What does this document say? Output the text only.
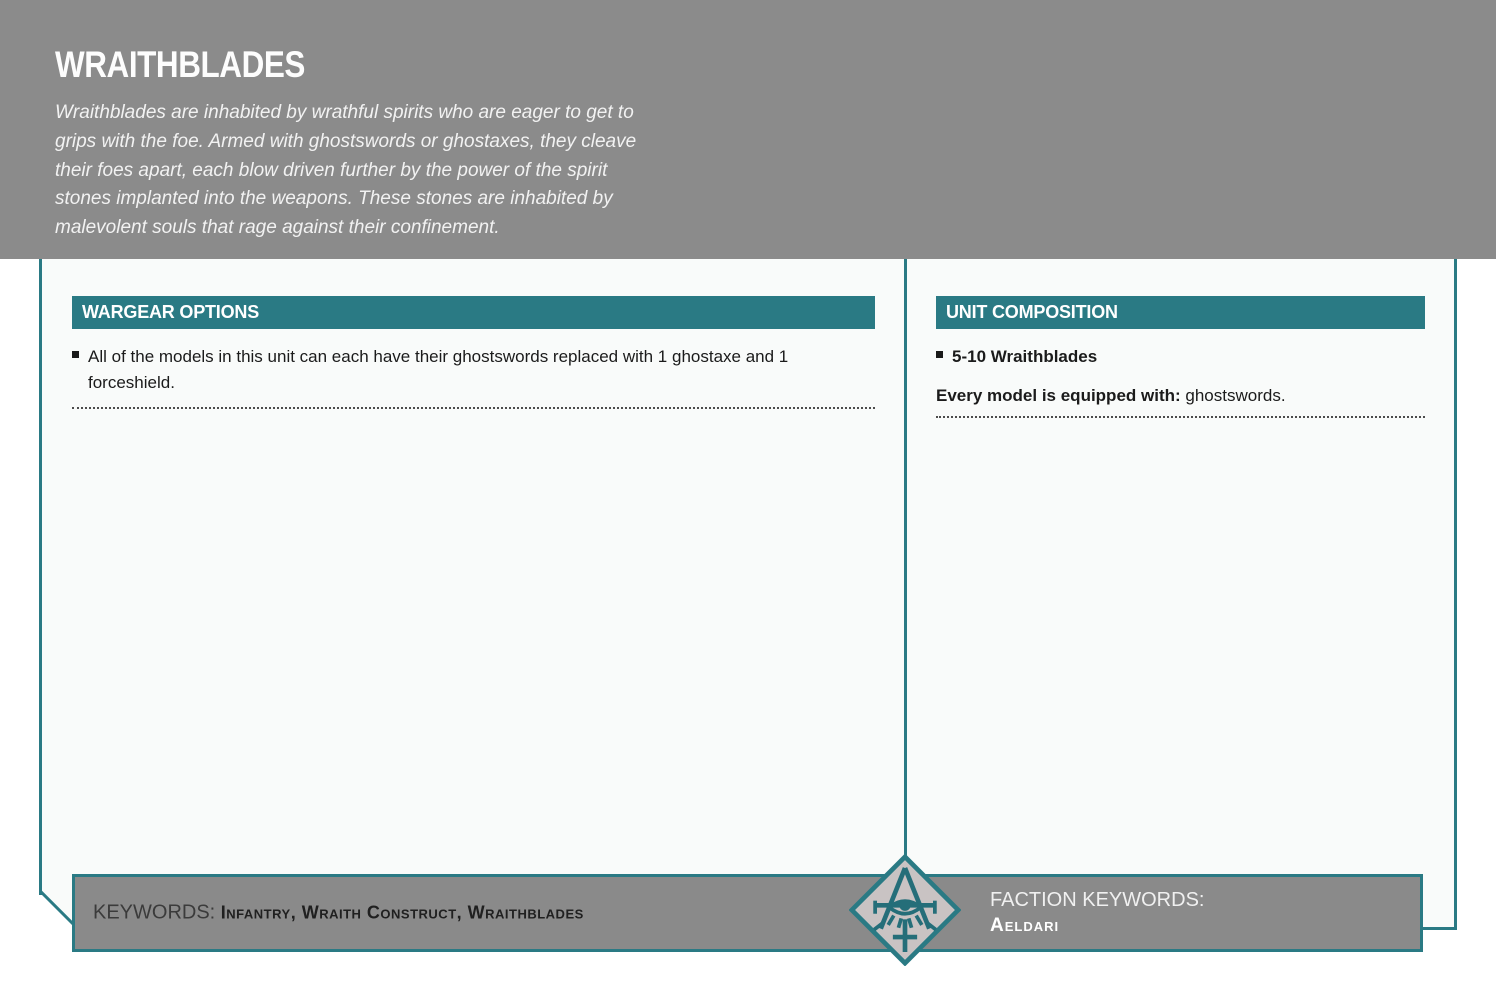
WRAITHBLADES
Wraithblades are inhabited by wrathful spirits who are eager to get to grips with the foe. Armed with ghostswords or ghostaxes, they cleave their foes apart, each blow driven further by the power of the spirit stones implanted into the weapons. These stones are inhabited by malevolent souls that rage against their confinement.
WARGEAR OPTIONS
All of the models in this unit can each have their ghostswords replaced with 1 ghostaxe and 1 forceshield.
UNIT COMPOSITION
5-10 Wraithblades
Every model is equipped with: ghostswords.
KEYWORDS: Infantry, Wraith Construct, Wraithblades
FACTION KEYWORDS:
Aeldari
